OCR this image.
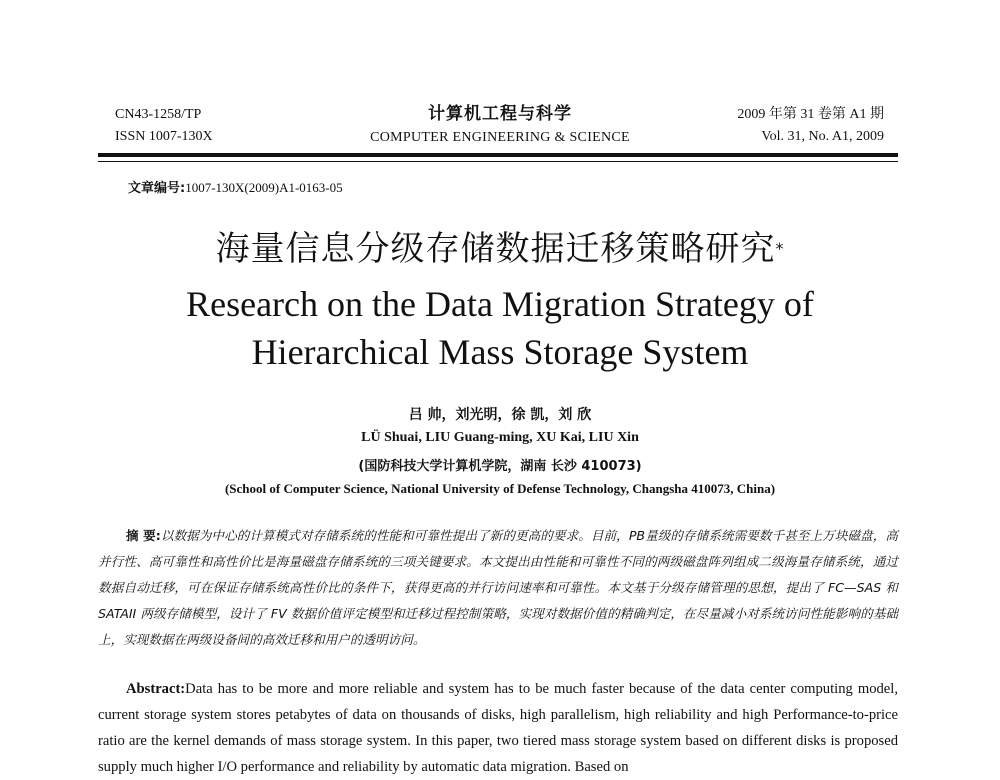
CN43-1258/TP
ISSN 1007-130X
计算机工程与科学
COMPUTER ENGINEERING & SCIENCE
2009 年第 31 卷第 A1 期
Vol. 31, No. A1, 2009
文章编号:1007-130X(2009)A1-0163-05
海量信息分级存储数据迁移策略研究*
Research on the Data Migration Strategy of
Hierarchical Mass Storage System
吕 帅，刘光明，徐 凯，刘 欣
LÜ Shuai, LIU Guang-ming, XU Kai, LIU Xin
(国防科技大学计算机学院，湖南 长沙 410073)
(School of Computer Science, National University of Defense Technology, Changsha 410073, China)
摘 要:以数据为中心的计算模式对存储系统的性能和可靠性提出了新的更高的要求。目前，PB量级的存储系统需要数千甚至上万块磁盘，高并行性、高可靠性和高性价比是海量磁盘存储系统的三项关键要求。本文提出由性能和可靠性不同的两级磁盘阵列组成二级海量存储系统，通过数据自动迁移，可在保证存储系统高性价比的条件下，获得更高的并行访问速率和可靠性。本文基于分级存储管理的思想，提出了 FC—SAS 和 SATAII 两级存储模型，设计了 FV 数据价值评定模型和迁移过程控制策略，实现对数据价值的精确判定，在尽量减小对系统访问性能影响的基础上，实现数据在两级设备间的高效迁移和用户的透明访问。
Abstract:Data has to be more and more reliable and system has to be much faster because of the data center computing model, current storage system stores petabytes of data on thousands of disks, high parallelism, high reliability and high Performance-to-price ratio are the kernel demands of mass storage system. In this paper, two tiered mass storage system based on different disks is proposed supply much higher I/O performance and reliability by automatic data migration. Based on
